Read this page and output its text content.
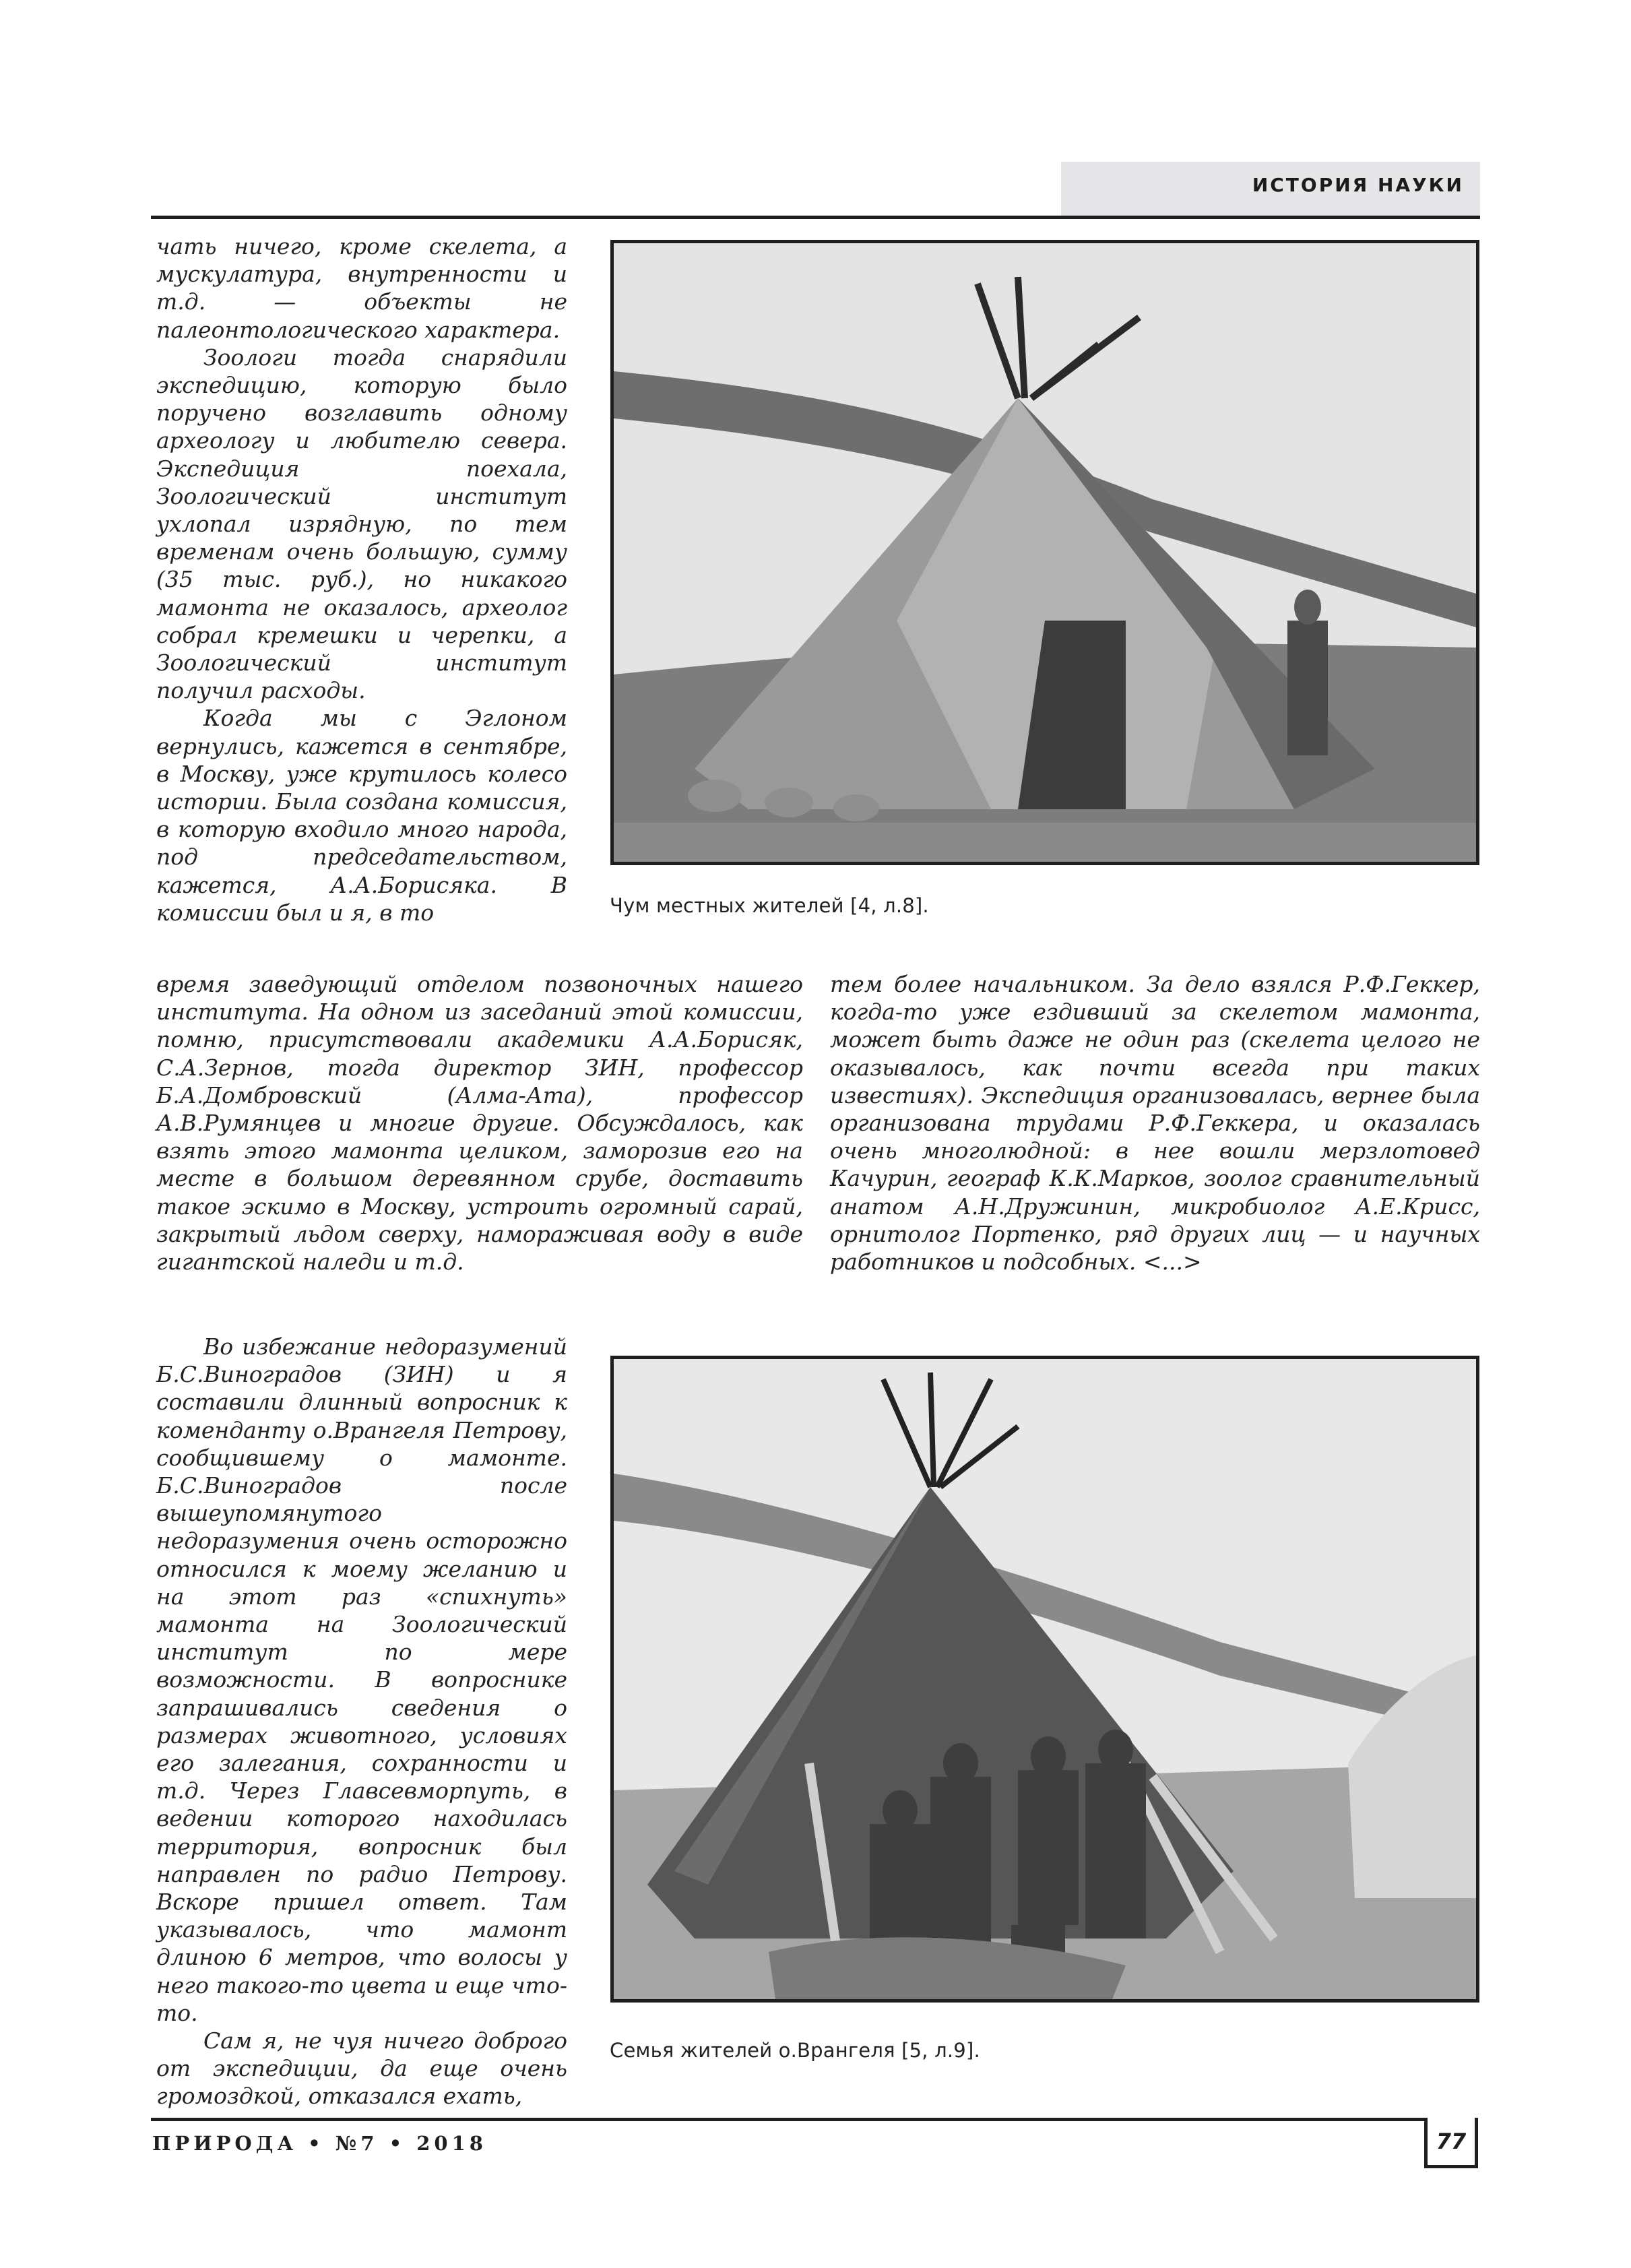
ИСТОРИЯ НАУКИ

чать ничего, кроме скелета, а мускулатура, внутренности и т.д. — объекты не палеонтологического характера.

Зоологи тогда снарядили экспедицию, которую было поручено возглавить одному археологу и любителю севера. Экспедиция поехала, Зоологический институт ухлопал изрядную, по тем временам очень большую, сумму (35 тыс. руб.), но никакого мамонта не оказалось, археолог собрал кремешки и черепки, а Зоологический институт получил расходы.

Когда мы с Эглоном вернулись, кажется в сентябре, в Москву, уже крутилось колесо истории. Была создана комиссия, в которую входило много народа, под председательством, кажется, А.А.Борисяка. В комиссии был и я, в то	Чум местных жителей [4, л.8].

время заведующий отделом позвоночных нашего института. На одном из заседаний этой комиссии, помню, присутствовали академики А.А.Борисяк, С.А.Зернов, тогда директор ЗИН, профессор Б.А.Домбровский (Алма-Ата), профессор А.В.Румянцев и многие другие. Обсуждалось, как взять этого мамонта целиком, заморозив его на месте в большом деревянном срубе, доставить такое эскимо в Москву, устроить огромный сарай, закрытый льдом сверху, намораживая воду в виде гигантской наледи и т.д.

тем более начальником. За дело взялся Р.Ф.Геккер, когда-то уже ездивший за скелетом мамонта, может быть даже не один раз (скелета целого не оказывалось, как почти всегда при таких известиях). Экспедиция организовалась, вернее была организована трудами Р.Ф.Геккера, и оказалась очень многолюдной: в нее вошли мерзлотовед Качурин, географ К.К.Марков, зоолог сравнительный анатом А.Н.Дружинин, микробиолог А.Е.Крисс, орнитолог Портенко, ряд других лиц — и научных работников и подсобных. <...>

Во избежание недоразумений Б.С.Виноградов (ЗИН) и я составили длинный вопросник к коменданту о.Врангеля Петрову, сообщившему о мамонте. Б.С.Виноградов после вышеупомянутого недоразумения очень осторожно относился к моему желанию и на этот раз «спихнуть» мамонта на Зоологический институт по мере возможности. В вопроснике запрашивались сведения о размерах животного, условиях его залегания, сохранности и т.д. Через Главсевморпуть, в ведении которого находилась территория, вопросник был направлен по радио Петрову. Вскоре пришел ответ. Там указывалось, что мамонт длиною 6 метров, что волосы у него такого-то цвета и еще что-то.

Сам я, не чуя ничего доброго от экспедиции, да еще очень громоздкой, отказался ехать,

Семья жителей о.Врангеля [5, л.9].
ПРИРОДА • №7 • 2018	77
